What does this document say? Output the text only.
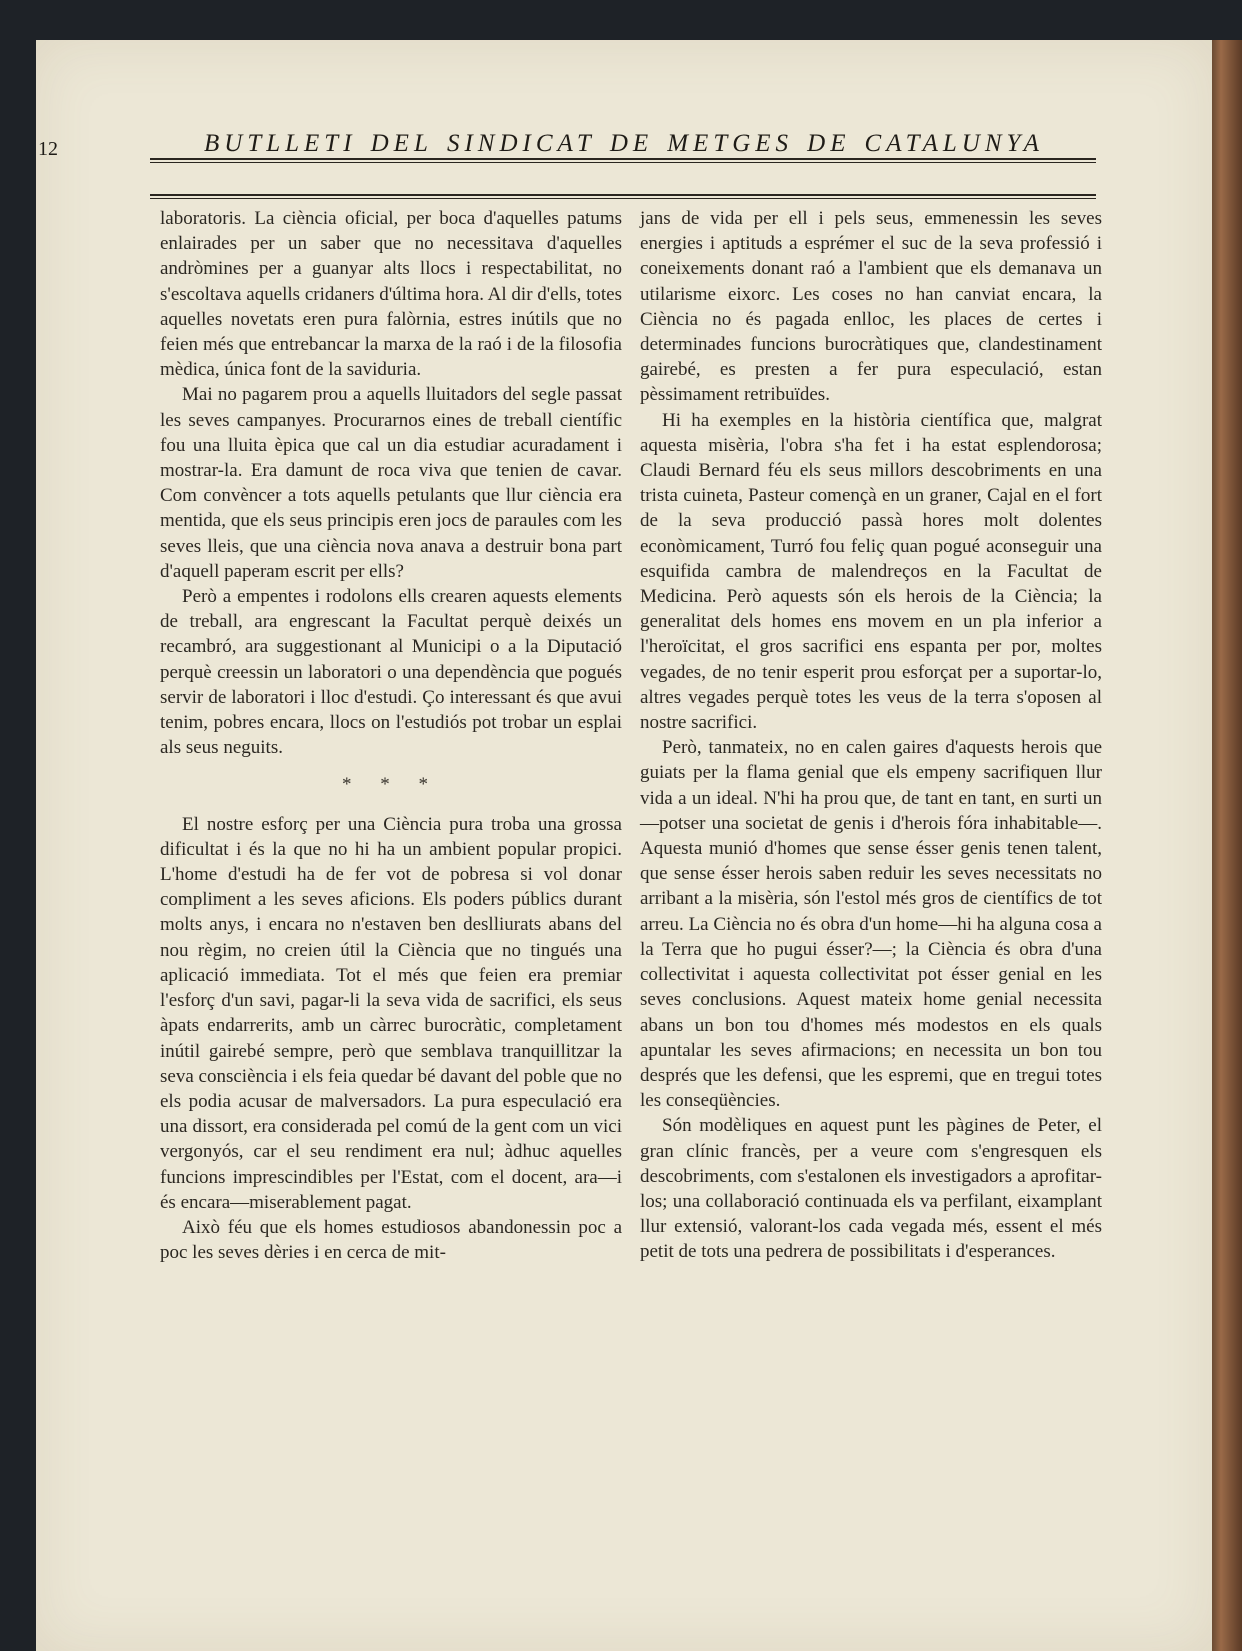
12	BUTLLETI DEL SINDICAT DE METGES DE CATALUNYA

laboratoris. La ciència oficial, per boca d'aquelles patums enlairades per un saber que no necessitava d'aquelles andròmines per a guanyar alts llocs i respectabilitat, no s'escoltava aquells cridaners d'última hora. Al dir d'ells, totes aquelles novetats eren pura falòrnia, estres inútils que no feien més que entrebancar la marxa de la raó i de la filosofia mèdica, única font de la saviduria.

Mai no pagarem prou a aquells lluitadors del segle passat les seves campanyes. Procurarnos eines de treball científic fou una lluita èpica que cal un dia estudiar acuradament i mostrar-la. Era damunt de roca viva que tenien de cavar. Com convèncer a tots aquells petulants que llur ciència era mentida, que els seus principis eren jocs de paraules com les seves lleis, que una ciència nova anava a destruir bona part d'aquell paperam escrit per ells?

Però a empentes i rodolons ells crearen aquests elements de treball, ara engrescant la Facultat perquè deixés un recambró, ara suggestionant al Municipi o a la Diputació perquè creessin un laboratori o una dependència que pogués servir de laboratori i lloc d'estudi. Ço interessant és que avui tenim, pobres encara, llocs on l'estudiós pot trobar un esplai als seus neguits.

* * *

El nostre esforç per una Ciència pura troba una grossa dificultat i és la que no hi ha un ambient popular propici. L'home d'estudi ha de fer vot de pobresa si vol donar compliment a les seves aficions. Els poders públics durant molts anys, i encara no n'estaven ben deslliurats abans del nou règim, no creien útil la Ciència que no tingués una aplicació immediata. Tot el més que feien era premiar l'esforç d'un savi, pagar-li la seva vida de sacrifici, els seus àpats endarrerits, amb un càrrec burocràtic, completament inútil gairebé sempre, però que semblava tranquillitzar la seva consciència i els feia quedar bé davant del poble que no els podia acusar de malversadors. La pura especulació era una dissort, era considerada pel comú de la gent com un vici vergonyós, car el seu rendiment era nul; àdhuc aquelles funcions imprescindibles per l'Estat, com el docent, ara—i és encara—miserablement pagat.

Això féu que els homes estudiosos abandonessin poc a poc les seves dèries i en cerca de mit-

jans de vida per ell i pels seus, emmenessin les seves energies i aptituds a esprémer el suc de la seva professió i coneixements donant raó a l'ambient que els demanava un utilarisme eixorc. Les coses no han canviat encara, la Ciència no és pagada enlloc, les places de certes i determinades funcions burocràtiques que, clandestinament gairebé, es presten a fer pura especulació, estan pèssimament retribuïdes.

Hi ha exemples en la història científica que, malgrat aquesta misèria, l'obra s'ha fet i ha estat esplendorosa; Claudi Bernard féu els seus millors descobriments en una trista cuineta, Pasteur començà en un graner, Cajal en el fort de la seva producció passà hores molt dolentes econòmicament, Turró fou feliç quan pogué aconseguir una esquifida cambra de malendreços en la Facultat de Medicina. Però aquests són els herois de la Ciència; la generalitat dels homes ens movem en un pla inferior a l'heroïcitat, el gros sacrifici ens espanta per por, moltes vegades, de no tenir esperit prou esforçat per a suportar-lo, altres vegades perquè totes les veus de la terra s'oposen al nostre sacrifici.

Però, tanmateix, no en calen gaires d'aquests herois que guiats per la flama genial que els empeny sacrifiquen llur vida a un ideal. N'hi ha prou que, de tant en tant, en surti un—potser una societat de genis i d'herois fóra inhabitable—. Aquesta munió d'homes que sense ésser genis tenen talent, que sense ésser herois saben reduir les seves necessitats no arribant a la misèria, són l'estol més gros de científics de tot arreu. La Ciència no és obra d'un home—hi ha alguna cosa a la Terra que ho pugui ésser?—; la Ciència és obra d'una collectivitat i aquesta collectivitat pot ésser genial en les seves conclusions. Aquest mateix home genial necessita abans un bon tou d'homes més modestos en els quals apuntalar les seves afirmacions; en necessita un bon tou després que les defensi, que les espremi, que en tregui totes les conseqüències.

Són modèliques en aquest punt les pàgines de Peter, el gran clínic francès, per a veure com s'engresquen els descobriments, com s'estalonen els investigadors a aprofitar-los; una collaboració continuada els va perfilant, eixamplant llur extensió, valorant-los cada vegada més, essent el més petit de tots una pedrera de possibilitats i d'esperances.
